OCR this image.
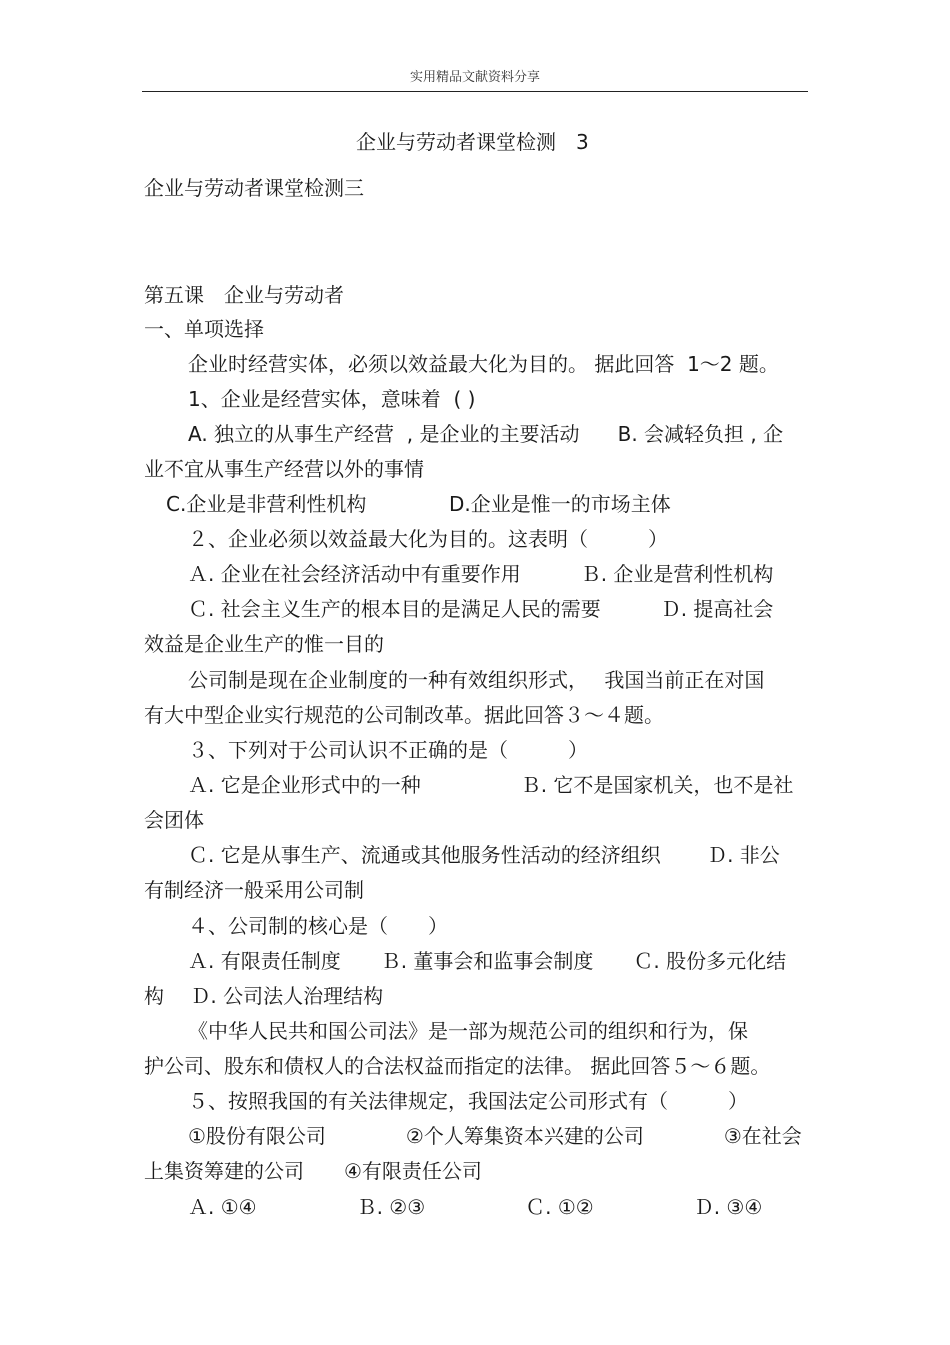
实用精品文献资料分享
企业与劳动者课堂检测　3
企业与劳动者课堂检测三
第五课　企业与劳动者
一、单项选择
企业时经营实体，必须以效益最大化为目的。 据此回答  1～2 题。
1、企业是经营实体，意味着  ( )
A. 独立的从事生产经营  , 是企业的主要活动      B. 会减轻负担 , 企
业不宜从事生产经营以外的事情
C.企业是非营利性机构             D.企业是惟一的市场主体
２、企业必须以效益最大化为目的。这表明（　　　）
Ａ. 企业在社会经济活动中有重要作用　　　Ｂ. 企业是营利性机构
Ｃ. 社会主义生产的根本目的是满足人民的需要　　　Ｄ. 提高社会
效益是企业生产的惟一目的
公司制是现在企业制度的一种有效组织形式，　 我国当前正在对国
有大中型企业实行规范的公司制改革。据此回答３～４题。
３、下列对于公司认识不正确的是（　　　）
Ａ. 它是企业形式中的一种　　　　　Ｂ. 它不是国家机关，也不是社
会团体
Ｃ. 它是从事生产、流通或其他服务性活动的经济组织　　 Ｄ. 非公
有制经济一般采用公司制
４、公司制的核心是（　　）
Ａ. 有限责任制度　　Ｂ. 董事会和监事会制度　　Ｃ. 股份多元化结
构　 Ｄ. 公司法人治理结构
《中华人民共和国公司法》是一部为规范公司的组织和行为，保
护公司、股东和债权人的合法权益而指定的法律。 据此回答５～６题。
５、按照我国的有关法律规定，我国法定公司形式有（　　　）
①股份有限公司　　　　②个人筹集资本兴建的公司　　　　③在社会
上集资筹建的公司　　④有限责任公司
Ａ. ①④　　　　　Ｂ. ②③　　　　　Ｃ. ①②　　　　　Ｄ. ③④
